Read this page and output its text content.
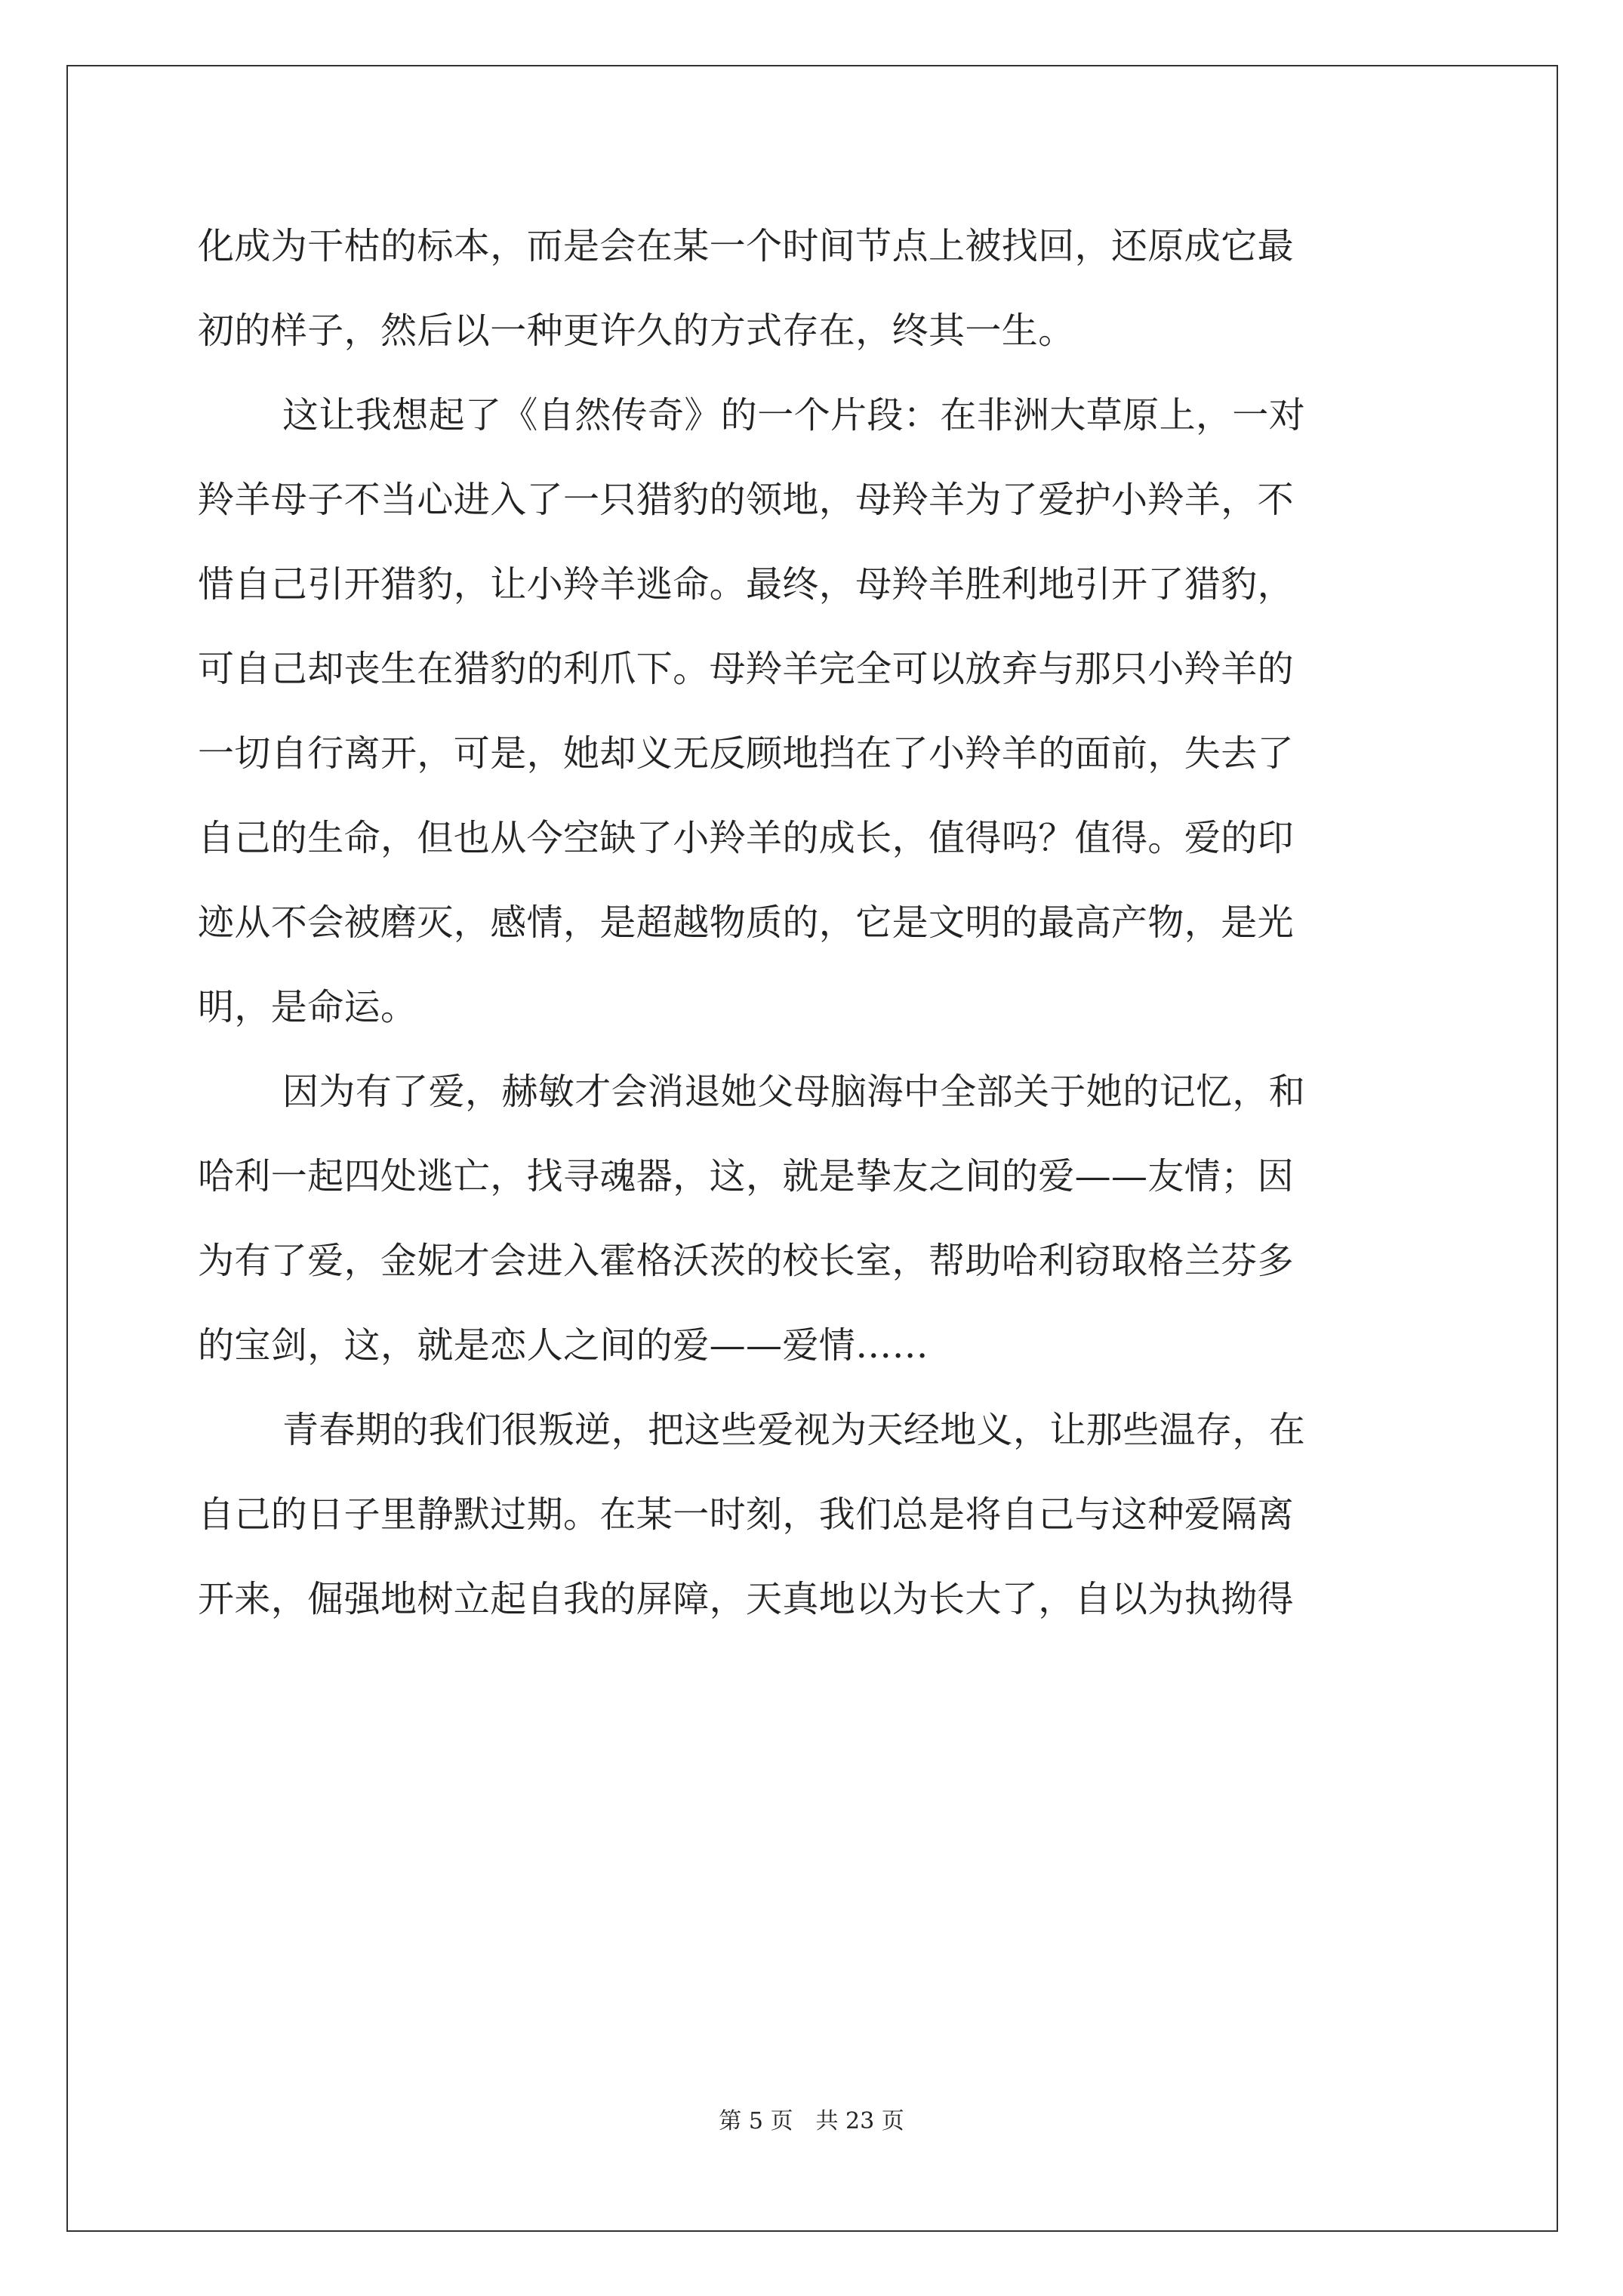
化成为干枯的标本，而是会在某一个时间节点上被找回，还原成它最
初的样子，然后以一种更许久的方式存在，终其一生。
这让我想起了《自然传奇》的一个片段：在非洲大草原上，一对
羚羊母子不当心进入了一只猎豹的领地，母羚羊为了爱护小羚羊，不
惜自己引开猎豹，让小羚羊逃命。最终，母羚羊胜利地引开了猎豹，
可自己却丧生在猎豹的利爪下。母羚羊完全可以放弃与那只小羚羊的
一切自行离开，可是，她却义无反顾地挡在了小羚羊的面前，失去了
自己的生命，但也从今空缺了小羚羊的成长，值得吗？值得。爱的印
迹从不会被磨灭，感情，是超越物质的，它是文明的最高产物，是光
明，是命运。
因为有了爱，赫敏才会消退她父母脑海中全部关于她的记忆，和
哈利一起四处逃亡，找寻魂器，这，就是挚友之间的爱——友情；因
为有了爱，金妮才会进入霍格沃茨的校长室，帮助哈利窃取格兰芬多
的宝剑，这，就是恋人之间的爱——爱情……
青春期的我们很叛逆，把这些爱视为天经地义，让那些温存，在
自己的日子里静默过期。在某一时刻，我们总是将自己与这种爱隔离
开来，倔强地树立起自我的屏障，天真地以为长大了，自以为执拗得
第 5 页　共 23 页
